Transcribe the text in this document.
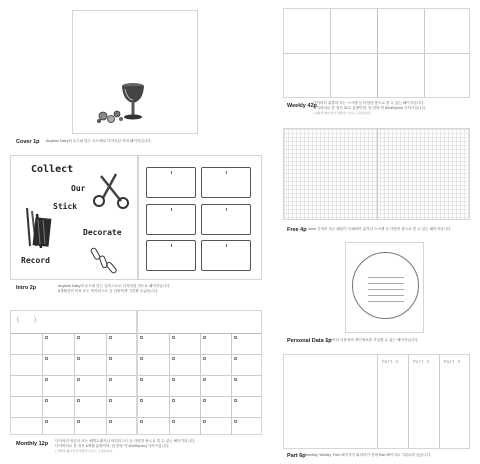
Cover 1p Anytime Diary의 무드와 맞는 오브제로 디자인된 커버 페이지입니다.
Collect
Our
Stick
Decorate
Record
Intro 2p	Anytime Diary의 무드와 맞는 일러스트로 디자인된 인트로 페이지입니다.
6개월간의 목표 또는 버킷리스트 등 다양하게 기록할 수있습니다.
(         )
Monthly 12p 다이어리 먼슬리 또는 해빗트래커나 버킷리스트 등 다양한 용도로 쓸 수 있는 페이지입니다.
다이어리로 쓸 경우 6개월 분량이며, 한 칸당 약 40x26(mm) 사이즈입니다.
• 먼슬리 페이지가 연달아 나오는 구성입니다.
Weekly 42p
다이어리 위클리 또는 스크랩 등 다양한 용도로 쓸 수 있는 페이지입니다.
다이어리로 쓸 경우 22주 분량이며, 한 칸당 약 80x83(mm) 사이즈입니다.
• 위클리 페이지가 연달아 나오는 구성입니다.
Free 4p 4mm 간격의 모눈 패턴이 인쇄되어 있거나 스크랩 등 다양한 용도로 쓸 수 있는 페이지입니다.
Personal Data 1p
다이어리 사용자의 개인정보를 기입할 수 있는 페이지입니다.
Part 1	Part 2	Part 3
Part 6p Monthly, Weekly, Free 페이지가 위치하기 전에 Part 페이지로 구분되어 있습니다.
